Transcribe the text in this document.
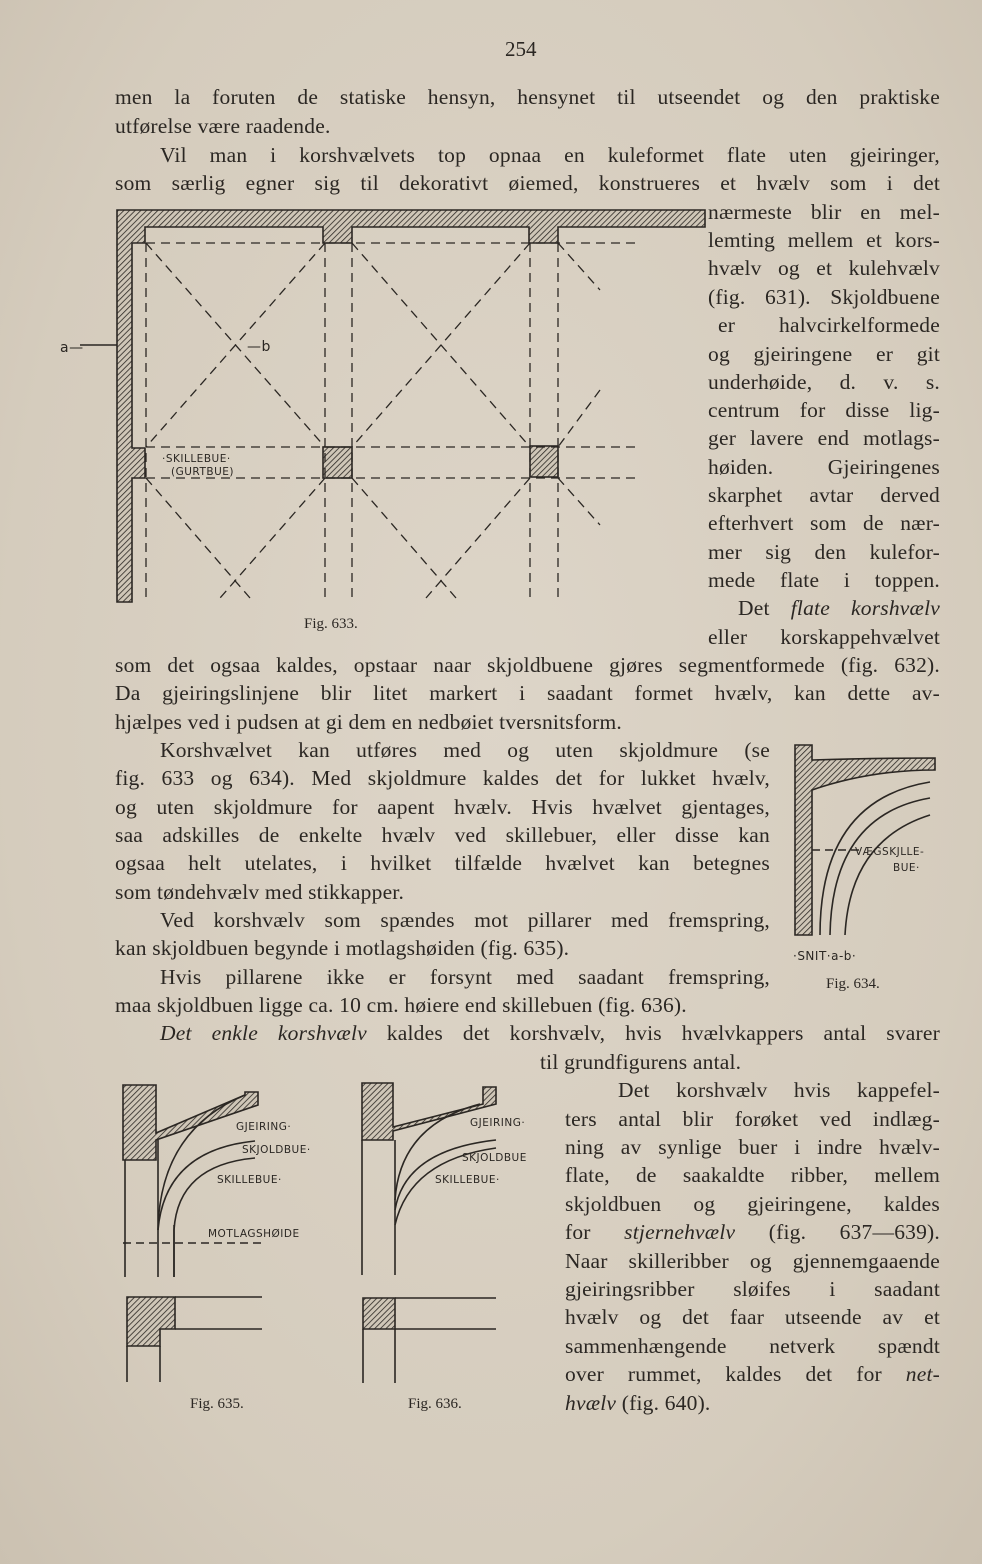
254
men la foruten de statiske hensyn, hensynet til utseendet og den praktiske
utførelse være raadende.
Vil man i korshvælvets top opnaa en kuleformet flate uten gjeiringer,
som særlig egner sig til dekorativt øiemed, konstrueres et hvælv som i det
nærmeste blir en mel-
lemting mellem et kors-
hvælv og et kulehvælv
(fig. 631). Skjoldbuene
er halvcirkelformede
og gjeiringene er git
underhøide, d. v. s.
centrum for disse lig-
ger lavere end motlags-
høiden. Gjeiringenes
skarphet avtar derved
efterhvert som de nær-
mer sig den kulefor-
mede flate i toppen.
Det flate korshvælv
eller korskappehvælvet
som det ogsaa kaldes, opstaar naar skjoldbuene gjøres segmentformede (fig. 632).
Da gjeiringslinjene blir litet markert i saadant formet hvælv, kan dette av-
hjælpes ved i pudsen at gi dem en nedbøiet tversnitsform.
Korshvælvet kan utføres med og uten skjoldmure (se
fig. 633 og 634). Med skjoldmure kaldes det for lukket hvælv,
og uten skjoldmure for aapent hvælv. Hvis hvælvet gjentages,
saa adskilles de enkelte hvælv ved skillebuer, eller disse kan
ogsaa helt utelates, i hvilket tilfælde hvælvet kan betegnes
som tøndehvælv med stikkapper.
Ved korshvælv som spændes mot pillarer med fremspring,
kan skjoldbuen begynde i motlagshøiden (fig. 635).
Hvis pillarene ikke er forsynt med saadant fremspring,
maa skjoldbuen ligge ca. 10 cm. høiere end skillebuen (fig. 636).
Det enkle korshvælv kaldes det korshvælv, hvis hvælvkappers antal svarer
til grundfigurens antal.
Det korshvælv hvis kappefel-
ters antal blir forøket ved indlæg-
ning av synlige buer i indre hvælv-
flate, de saakaldte ribber, mellem
skjoldbuen og gjeiringene, kaldes
for stjernehvælv (fig. 637—639).
Naar skilleribber og gjennemgaaende
gjeiringsribber sløifes i saadant
hvælv og det faar utseende av et
sammenhængende netverk spændt
over rummet, kaldes det for net-
hvælv (fig. 640).
a—	—b
·SKILLEBUE·
(GURTBUE)
Fig. 633.
VÆGSKJLLE-
BUE·
·SNIT·a-b·
Fig. 634.
GJEIRING·
SKJOLDBUE·
SKILLEBUE·
MOTLAGSHØIDE
Fig. 635.
GJEIRING·
SKJOLDBUE
SKILLEBUE·
Fig. 636.
